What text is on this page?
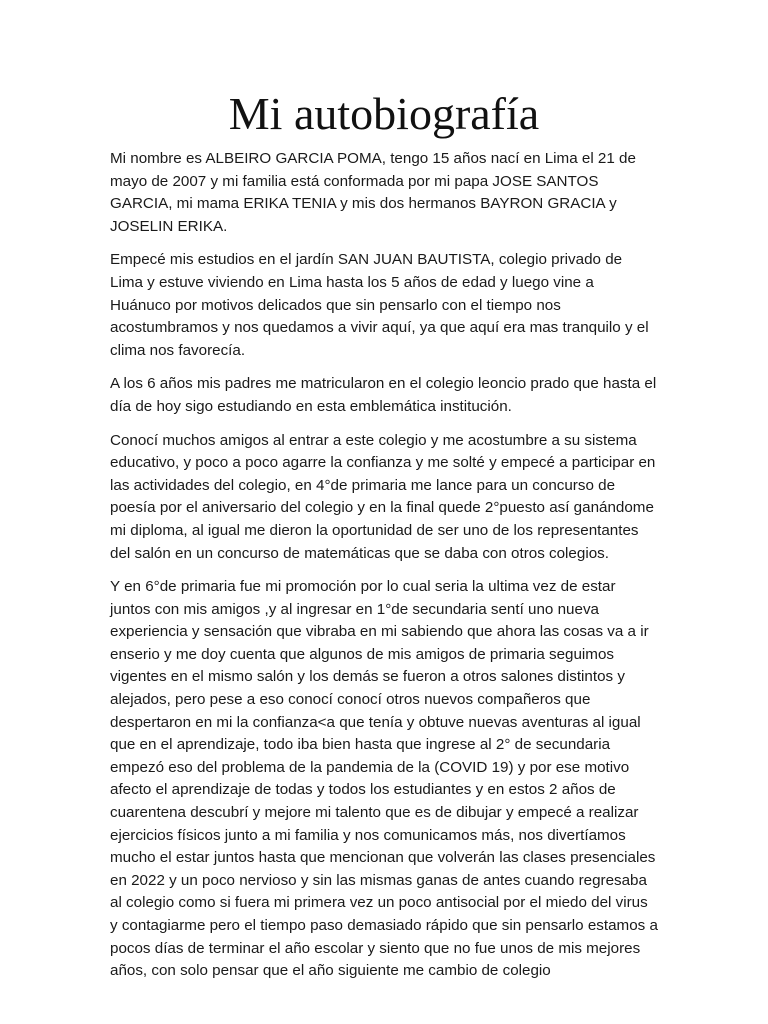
Mi autobiografía

Mi nombre es ALBEIRO GARCIA POMA, tengo 15 años nací en Lima el 21 de mayo de 2007 y mi familia está conformada por mi papa JOSE SANTOS GARCIA, mi mama ERIKA TENIA y mis dos hermanos BAYRON GRACIA y JOSELIN ERIKA.

Empecé mis estudios en el jardín SAN JUAN BAUTISTA, colegio privado de Lima y estuve viviendo en Lima hasta los 5 años de edad y luego vine a Huánuco por motivos delicados que sin pensarlo con el tiempo nos acostumbramos y nos quedamos a vivir aquí, ya que aquí era mas tranquilo y el clima nos favorecía.

A los 6 años mis padres me matricularon en el colegio leoncio prado que hasta el día de hoy sigo estudiando en esta emblemática institución.

Conocí muchos amigos al entrar a este colegio y me acostumbre a su sistema educativo, y poco a poco agarre la confianza y me solté y empecé a participar en las actividades del colegio, en 4°de primaria me lance para un concurso de poesía por el aniversario del colegio y en la final quede 2°puesto así ganándome mi diploma, al igual me dieron la oportunidad de ser uno de los representantes del salón en un concurso de matemáticas que se daba con otros colegios.

Y en 6°de primaria fue mi promoción por lo cual seria la ultima vez de estar juntos con mis amigos ,y al ingresar en 1°de secundaria sentí uno nueva experiencia y sensación que vibraba en mi sabiendo que ahora las cosas va a ir enserio y me doy cuenta que algunos de mis amigos de primaria seguimos vigentes en el mismo salón y los demás se fueron a otros salones distintos y alejados, pero pese a eso conocí conocí otros nuevos compañeros que despertaron en mi la confianza<a que tenía y obtuve nuevas aventuras al igual que en el aprendizaje, todo iba bien hasta que ingrese al 2° de secundaria empezó eso del problema de la pandemia de la (COVID 19) y por ese motivo afecto el aprendizaje de todas y todos los estudiantes y en estos 2 años de cuarentena descubrí y mejore mi talento que es de dibujar y empecé a realizar ejercicios físicos junto a mi familia y nos comunicamos más, nos divertíamos mucho el estar juntos hasta que mencionan que volverán las clases presenciales en 2022 y un poco nervioso y sin las mismas ganas de antes cuando regresaba al colegio como si fuera mi primera vez un poco antisocial por el miedo del virus y contagiarme pero el tiempo paso demasiado rápido que sin pensarlo estamos a pocos días de terminar el año escolar y siento que no fue unos de mis mejores años, con solo pensar que el año siguiente me cambio de colegio
